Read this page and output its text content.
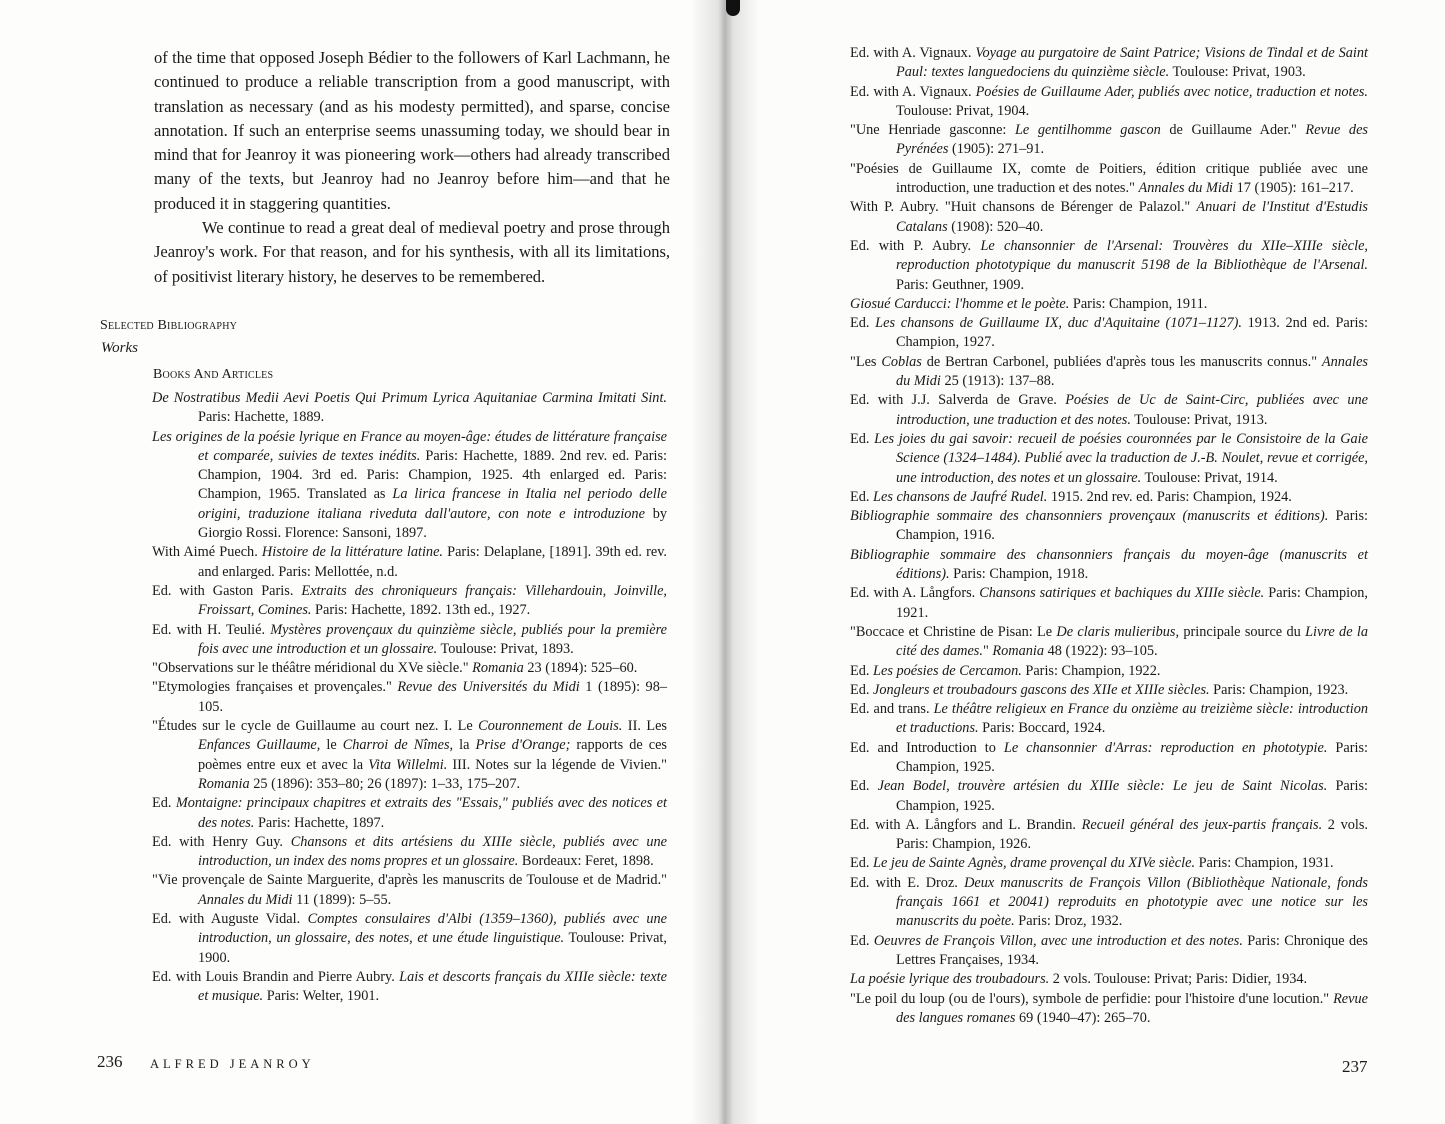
of the time that opposed Joseph Bédier to the followers of Karl Lachmann, he continued to produce a reliable transcription from a good manuscript, with translation as necessary (and as his modesty permitted), and sparse, concise annotation. If such an enterprise seems unassuming today, we should bear in mind that for Jeanroy it was pioneering work—others had already transcribed many of the texts, but Jeanroy had no Jeanroy before him—and that he produced it in staggering quantities.

We continue to read a great deal of medieval poetry and prose through Jeanroy's work. For that reason, and for his synthesis, with all its limitations, of positivist literary history, he deserves to be remembered.

Selected Bibliography
Works
Books And Articles

De Nostratibus Medii Aevi Poetis Qui Primum Lyrica Aquitaniae Carmina Imitati Sint. Paris: Hachette, 1889.

Les origines de la poésie lyrique en France au moyen-âge: études de littérature française et comparée, suivies de textes inédits. Paris: Hachette, 1889. 2nd rev. ed. Paris: Champion, 1904. 3rd ed. Paris: Champion, 1925. 4th enlarged ed. Paris: Champion, 1965. Translated as La lirica francese in Italia nel periodo delle origini, traduzione italiana riveduta dall'autore, con note e introduzione by Giorgio Rossi. Florence: Sansoni, 1897.

With Aimé Puech. Histoire de la littérature latine. Paris: Delaplane, [1891]. 39th ed. rev. and enlarged. Paris: Mellottée, n.d.

Ed. with Gaston Paris. Extraits des chroniqueurs français: Villehardouin, Joinville, Froissart, Comines. Paris: Hachette, 1892. 13th ed., 1927.

Ed. with H. Teulié. Mystères provençaux du quinzième siècle, publiés pour la première fois avec une introduction et un glossaire. Toulouse: Privat, 1893.

"Observations sur le théâtre méridional du XVe siècle." Romania 23 (1894): 525–60.

"Etymologies françaises et provençales." Revue des Universités du Midi 1 (1895): 98–105.

"Études sur le cycle de Guillaume au court nez. I. Le Couronnement de Louis. II. Les Enfances Guillaume, le Charroi de Nîmes, la Prise d'Orange; rapports de ces poèmes entre eux et avec la Vita Willelmi. III. Notes sur la légende de Vivien." Romania 25 (1896): 353–80; 26 (1897): 1–33, 175–207.

Ed. Montaigne: principaux chapitres et extraits des "Essais," publiés avec des notices et des notes. Paris: Hachette, 1897.

Ed. with Henry Guy. Chansons et dits artésiens du XIIIe siècle, publiés avec une introduction, un index des noms propres et un glossaire. Bordeaux: Feret, 1898.

"Vie provençale de Sainte Marguerite, d'après les manuscrits de Toulouse et de Madrid." Annales du Midi 11 (1899): 5–55.

Ed. with Auguste Vidal. Comptes consulaires d'Albi (1359–1360), publiés avec une introduction, un glossaire, des notes, et une étude linguistique. Toulouse: Privat, 1900.

Ed. with Louis Brandin and Pierre Aubry. Lais et descorts français du XIIIe siècle: texte et musique. Paris: Welter, 1901.

236 ALFRED JEANROY	237

Ed. with A. Vignaux. Voyage au purgatoire de Saint Patrice; Visions de Tindal et de Saint Paul: textes languedociens du quinzième siècle. Toulouse: Privat, 1903.

Ed. with A. Vignaux. Poésies de Guillaume Ader, publiés avec notice, traduction et notes. Toulouse: Privat, 1904.

"Une Henriade gasconne: Le gentilhomme gascon de Guillaume Ader." Revue des Pyrénées (1905): 271–91.

"Poésies de Guillaume IX, comte de Poitiers, édition critique publiée avec une introduction, une traduction et des notes." Annales du Midi 17 (1905): 161–217.

With P. Aubry. "Huit chansons de Bérenger de Palazol." Anuari de l'Institut d'Estudis Catalans (1908): 520–40.

Ed. with P. Aubry. Le chansonnier de l'Arsenal: Trouvères du XIIe–XIIIe siècle, reproduction phototypique du manuscrit 5198 de la Bibliothèque de l'Arsenal. Paris: Geuthner, 1909.

Giosué Carducci: l'homme et le poète. Paris: Champion, 1911.

Ed. Les chansons de Guillaume IX, duc d'Aquitaine (1071–1127). 1913. 2nd ed. Paris: Champion, 1927.

"Les Coblas de Bertran Carbonel, publiées d'après tous les manuscrits connus." Annales du Midi 25 (1913): 137–88.

Ed. with J.J. Salverda de Grave. Poésies de Uc de Saint-Circ, publiées avec une introduction, une traduction et des notes. Toulouse: Privat, 1913.

Ed. Les joies du gai savoir: recueil de poésies couronnées par le Consistoire de la Gaie Science (1324–1484). Publié avec la traduction de J.-B. Noulet, revue et corrigée, une introduction, des notes et un glossaire. Toulouse: Privat, 1914.

Ed. Les chansons de Jaufré Rudel. 1915. 2nd rev. ed. Paris: Champion, 1924.

Bibliographie sommaire des chansonniers provençaux (manuscrits et éditions). Paris: Champion, 1916.

Bibliographie sommaire des chansonniers français du moyen-âge (manuscrits et éditions). Paris: Champion, 1918.

Ed. with A. Långfors. Chansons satiriques et bachiques du XIIIe siècle. Paris: Champion, 1921.

"Boccace et Christine de Pisan: Le De claris mulieribus, principale source du Livre de la cité des dames." Romania 48 (1922): 93–105.

Ed. Les poésies de Cercamon. Paris: Champion, 1922.

Ed. Jongleurs et troubadours gascons des XIIe et XIIIe siècles. Paris: Champion, 1923.

Ed. and trans. Le théâtre religieux en France du onzième au treizième siècle: introduction et traductions. Paris: Boccard, 1924.

Ed. and Introduction to Le chansonnier d'Arras: reproduction en phototypie. Paris: Champion, 1925.

Ed. Jean Bodel, trouvère artésien du XIIIe siècle: Le jeu de Saint Nicolas. Paris: Champion, 1925.

Ed. with A. Långfors and L. Brandin. Recueil général des jeux-partis français. 2 vols. Paris: Champion, 1926.

Ed. Le jeu de Sainte Agnès, drame provençal du XIVe siècle. Paris: Champion, 1931.

Ed. with E. Droz. Deux manuscrits de François Villon (Bibliothèque Nationale, fonds français 1661 et 20041) reproduits en phototypie avec une notice sur les manuscrits du poète. Paris: Droz, 1932.

Ed. Oeuvres de François Villon, avec une introduction et des notes. Paris: Chronique des Lettres Françaises, 1934.

La poésie lyrique des troubadours. 2 vols. Toulouse: Privat; Paris: Didier, 1934.

"Le poil du loup (ou de l'ours), symbole de perfidie: pour l'histoire d'une locution." Revue des langues romanes 69 (1940–47): 265–70.
